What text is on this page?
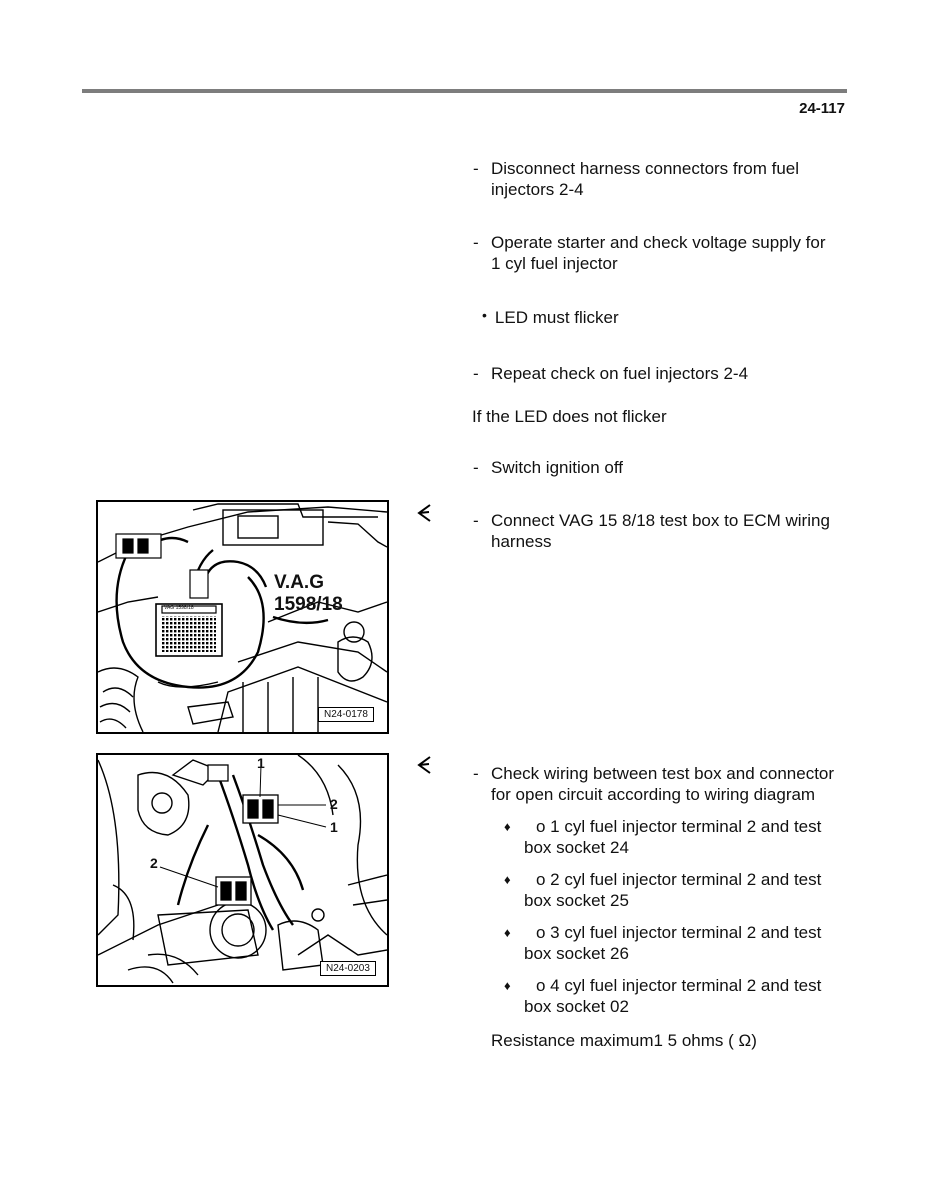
24-117
- Disconnect harness connectors from fuel
injectors 2-4
- Operate starter and check voltage supply for
1 cyl fuel injector
• LED must flicker
- Repeat check on fuel injectors 2-4
If the LED does not flicker
- Switch ignition off
V.A.G 1598/18
VAG 1598/18
N24-0178
- Connect VAG 15 8/18 test box to ECM wiring
harness
1
2
1
2
N24-0203
- Check wiring between test box and connector
for open circuit according to wiring diagram
♦	o 1 cyl fuel injector terminal 2 and test
box socket 24
♦	o 2 cyl fuel injector terminal 2 and test
box socket 25
♦	o 3 cyl fuel injector terminal 2 and test
box socket 26
♦	o 4 cyl fuel injector terminal 2 and test
box socket 02
Resistance maximum1 5 ohms ( Ω)
